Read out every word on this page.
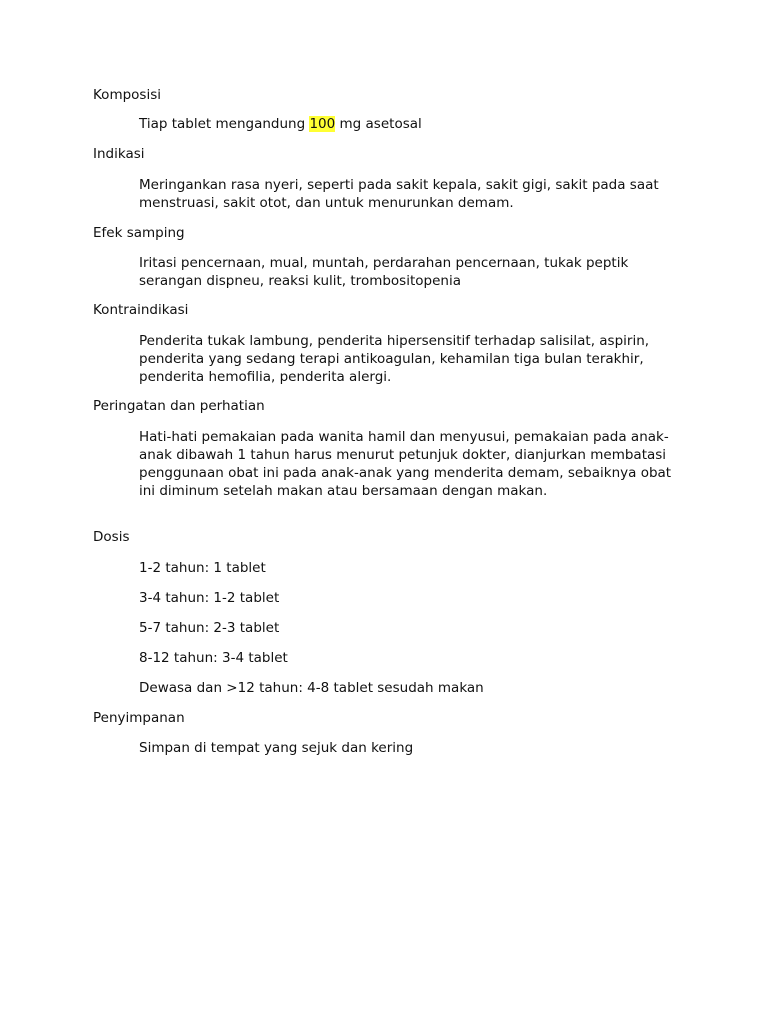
Komposisi
Tiap tablet mengandung 100 mg asetosal
Indikasi
Meringankan rasa nyeri, seperti pada sakit kepala, sakit gigi, sakit pada saat menstruasi, sakit otot, dan untuk menurunkan demam.
Efek samping
Iritasi pencernaan, mual, muntah, perdarahan pencernaan, tukak peptik serangan dispneu, reaksi kulit, trombositopenia
Kontraindikasi
Penderita tukak lambung, penderita hipersensitif terhadap salisilat, aspirin, penderita yang sedang terapi antikoagulan, kehamilan tiga bulan terakhir, penderita hemofilia, penderita alergi.
Peringatan dan perhatian
Hati-hati pemakaian pada wanita hamil dan menyusui, pemakaian pada anak-anak dibawah 1 tahun harus menurut petunjuk dokter, dianjurkan membatasi penggunaan obat ini pada anak-anak yang menderita demam, sebaiknya obat ini diminum setelah makan atau bersamaan dengan makan.
Dosis
1-2 tahun: 1 tablet
3-4 tahun: 1-2 tablet
5-7 tahun: 2-3 tablet
8-12 tahun: 3-4 tablet
Dewasa dan >12 tahun: 4-8 tablet sesudah makan
Penyimpanan
Simpan di tempat yang sejuk dan kering
